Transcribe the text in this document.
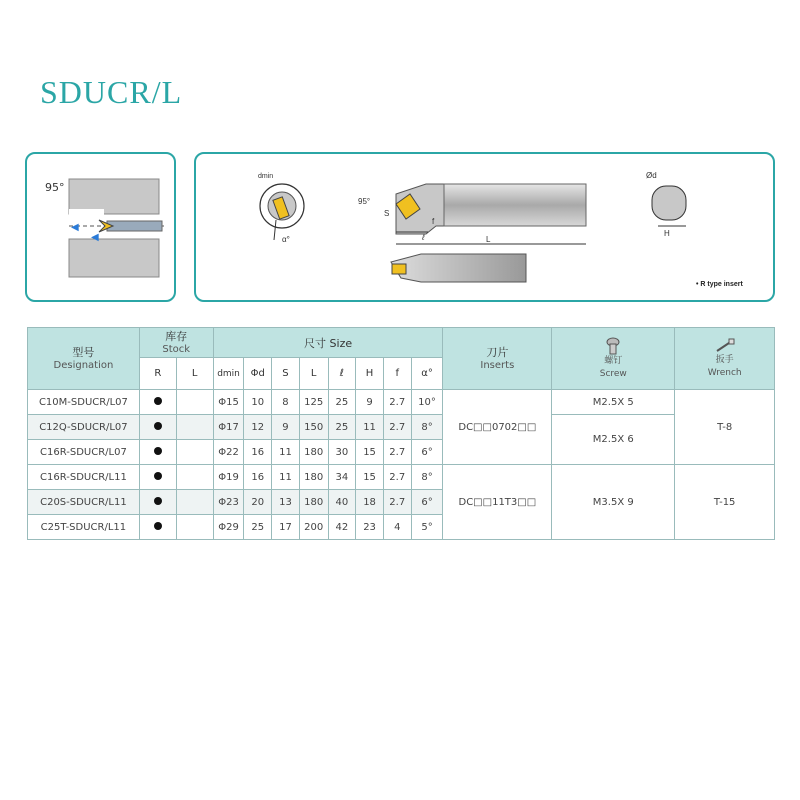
SDUCR/L
95°
◀
◀
dmin
α°
95°
S
f
ℓ	L
Ød
H
• R type insert
型号
Designation	库存
Stock		尺寸 Size								刀片
Inserts	螺钉
Screw	扳手
Wrench

	R	L	dmin	Φd	S	L	ℓ	H	f	α°			
C10M-SDUCR/L07			Φ15	10	8	125	25	9	2.7	10°	DC□□0702□□	M2.5X 5	T-8
C12Q-SDUCR/L07			Φ17	12	9	150	25	11	2.7	8°		M2.5X 6	
C16R-SDUCR/L07			Φ22	16	11	180	30	15	2.7	6°			
C16R-SDUCR/L11			Φ19	16	11	180	34	15	2.7	8°	DC□□11T3□□	M3.5X 9	T-15
C20S-SDUCR/L11			Φ23	20	13	180	40	18	2.7	6°			
C25T-SDUCR/L11			Φ29	25	17	200	42	23	4	5°			
